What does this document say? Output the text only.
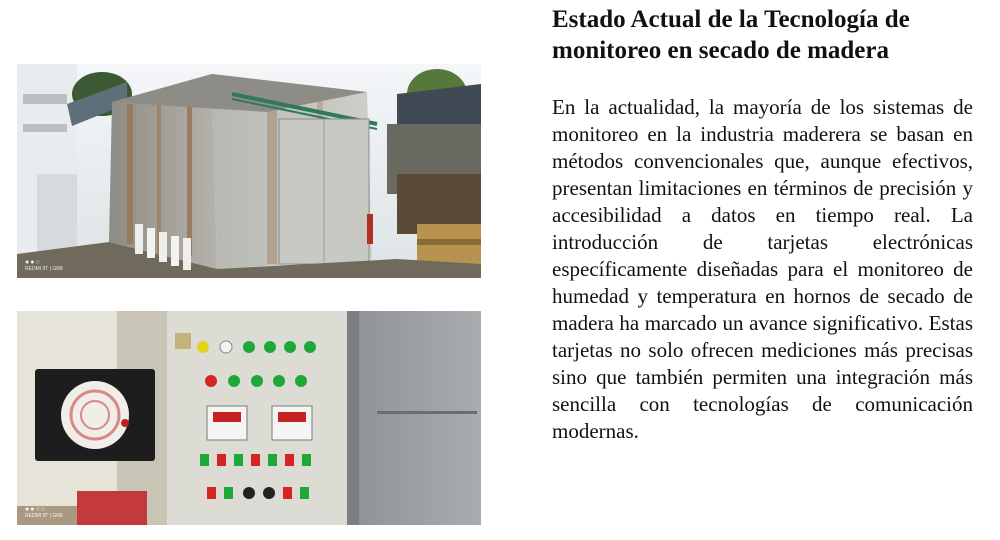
●●○
REDMI 9T | GR8
●●○○
REDMI 9T | GR8
Estado Actual de la Tecnología de monitoreo en secado de madera

En la actualidad, la mayoría de los sistemas de monitoreo en la industria maderera se basan en métodos convencionales que, aunque efectivos, presentan limitaciones en términos de precisión y accesibilidad a datos en tiempo real. La introducción de tarjetas electrónicas específicamente diseñadas para el monitoreo de humedad y temperatura en hornos de secado de madera ha marcado un avance significativo. Estas tarjetas no solo ofrecen mediciones más precisas sino que también permiten una integración más sencilla con tecnologías de comunicación modernas.
